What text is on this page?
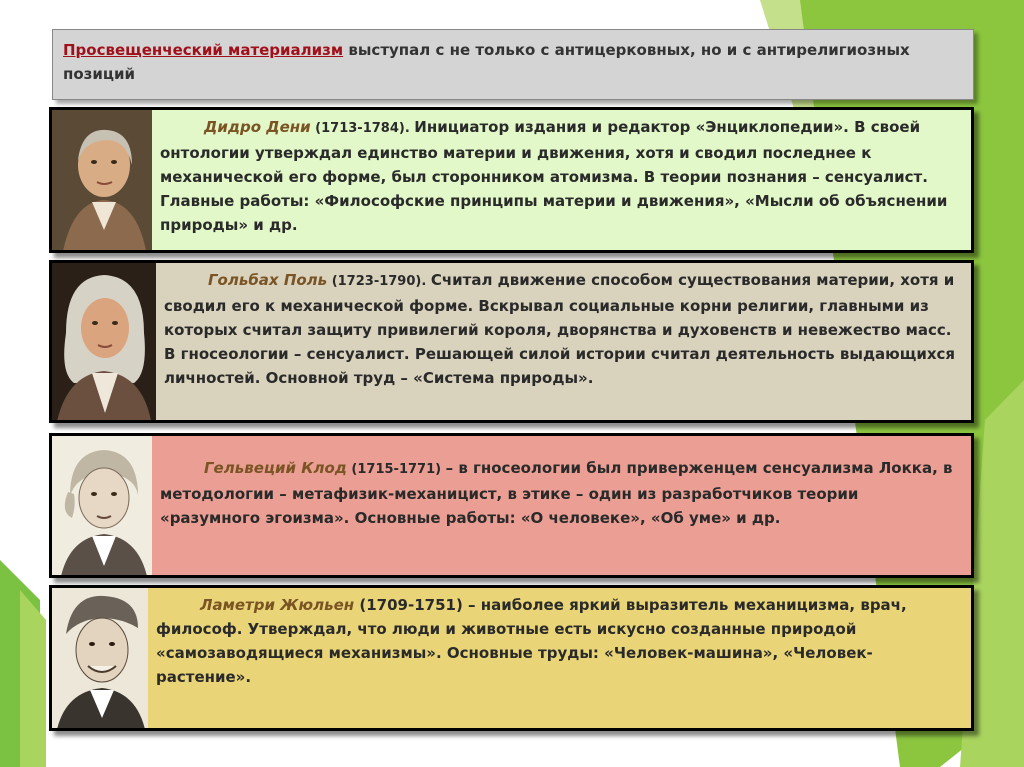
Просвещенческий материализм выступал с не только с антицерковных, но и с антирелигиозных позиций
Дидро Дени (1713-1784). Инициатор издания и редактор «Энциклопедии». В своей онтологии утверждал единство материи и движения, хотя и сводил последнее к механической его форме, был сторонником атомизма. В теории познания – сенсуалист. Главные работы: «Философские принципы материи и движения», «Мысли об объяснении природы» и др.
Гольбах Поль (1723-1790). Считал движение способом существования материи, хотя и сводил его к механической форме. Вскрывал социальные корни религии, главными из которых считал защиту привилегий короля, дворянства и духовенств и невежество масс. В гносеологии – сенсуалист. Решающей силой истории считал деятельность выдающихся личностей. Основной труд – «Система природы».
Гельвеций Клод (1715-1771) – в гносеологии был приверженцем сенсуализма Локка, в методологии – метафизик-механицист, в этике – один из разработчиков теории «разумного эгоизма». Основные работы: «О человеке», «Об уме» и др.
Ламетри Жюльен (1709-1751) – наиболее яркий выразитель механицизма, врач, философ. Утверждал, что люди и животные есть искусно созданные природой «самозаводящиеся механизмы». Основные труды: «Человек-машина», «Человек-растение».
